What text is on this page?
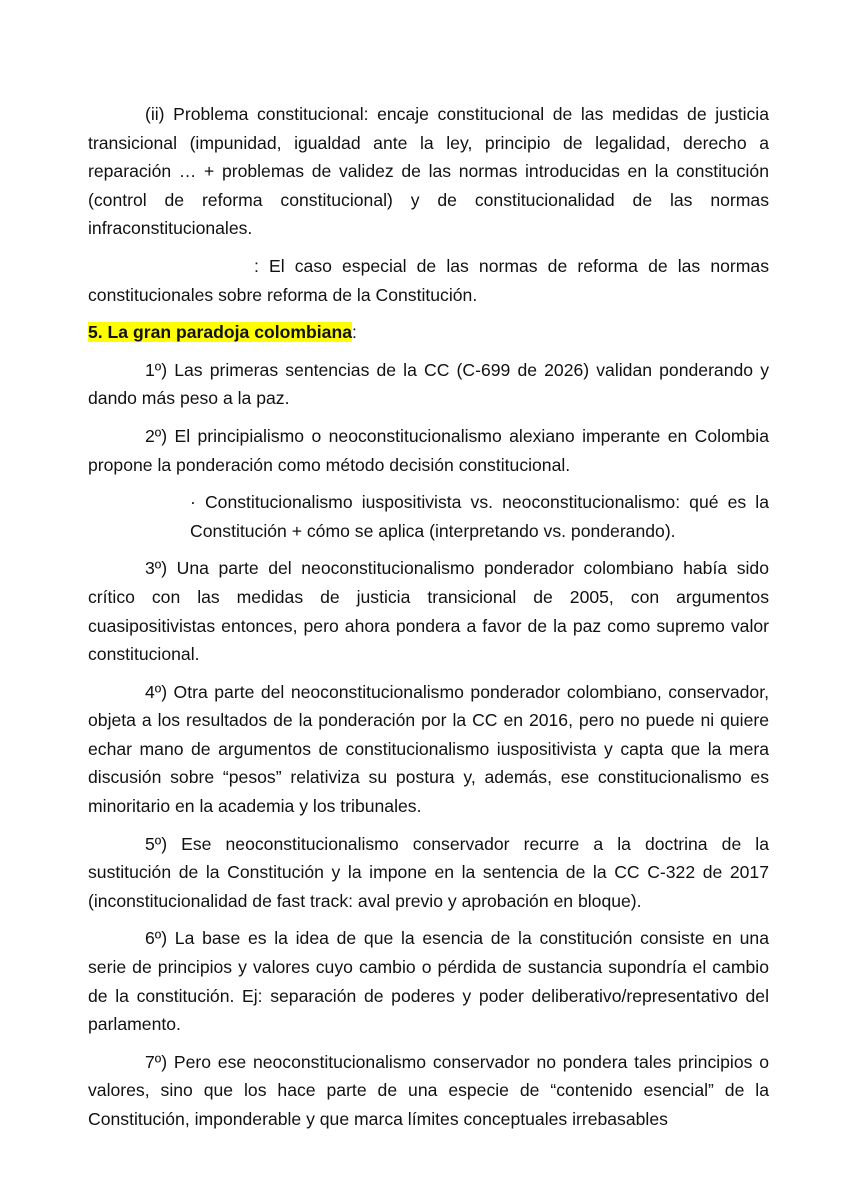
(ii) Problema constitucional: encaje constitucional de las medidas de justicia transicional (impunidad, igualdad ante la ley, principio de legalidad, derecho a reparación … + problemas de validez de las normas introducidas en la constitución (control de reforma constitucional) y de constitucionalidad de las normas infraconstitucionales.

: El caso especial de las normas de reforma de las normas constitucionales sobre reforma de la Constitución.

5. La gran paradoja colombiana:

1º) Las primeras sentencias de la CC (C-699 de 2026) validan ponderando y dando más peso a la paz.

2º) El principialismo o neoconstitucionalismo alexiano imperante en Colombia propone la ponderación como método decisión constitucional.

· Constitucionalismo iuspositivista vs. neoconstitucionalismo: qué es la Constitución + cómo se aplica (interpretando vs. ponderando).

3º) Una parte del neoconstitucionalismo ponderador colombiano había sido crítico con las medidas de justicia transicional de 2005, con argumentos cuasipositivistas entonces, pero ahora pondera a favor de la paz como supremo valor constitucional.

4º) Otra parte del neoconstitucionalismo ponderador colombiano, conservador, objeta a los resultados de la ponderación por la CC en 2016, pero no puede ni quiere echar mano de argumentos de constitucionalismo iuspositivista y capta que la mera discusión sobre “pesos” relativiza su postura y, además, ese constitucionalismo es minoritario en la academia y los tribunales.

5º) Ese neoconstitucionalismo conservador recurre a la doctrina de la sustitución de la Constitución y la impone en la sentencia de la CC C-322 de 2017 (inconstitucionalidad de fast track: aval previo y aprobación en bloque).

6º) La base es la idea de que la esencia de la constitución consiste en una serie de principios y valores cuyo cambio o pérdida de sustancia supondría el cambio de la constitución. Ej: separación de poderes y poder deliberativo/representativo del parlamento.

7º) Pero ese neoconstitucionalismo conservador no pondera tales principios o valores, sino que los hace parte de una especie de “contenido esencial” de la Constitución, imponderable y que marca límites conceptuales irrebasables
